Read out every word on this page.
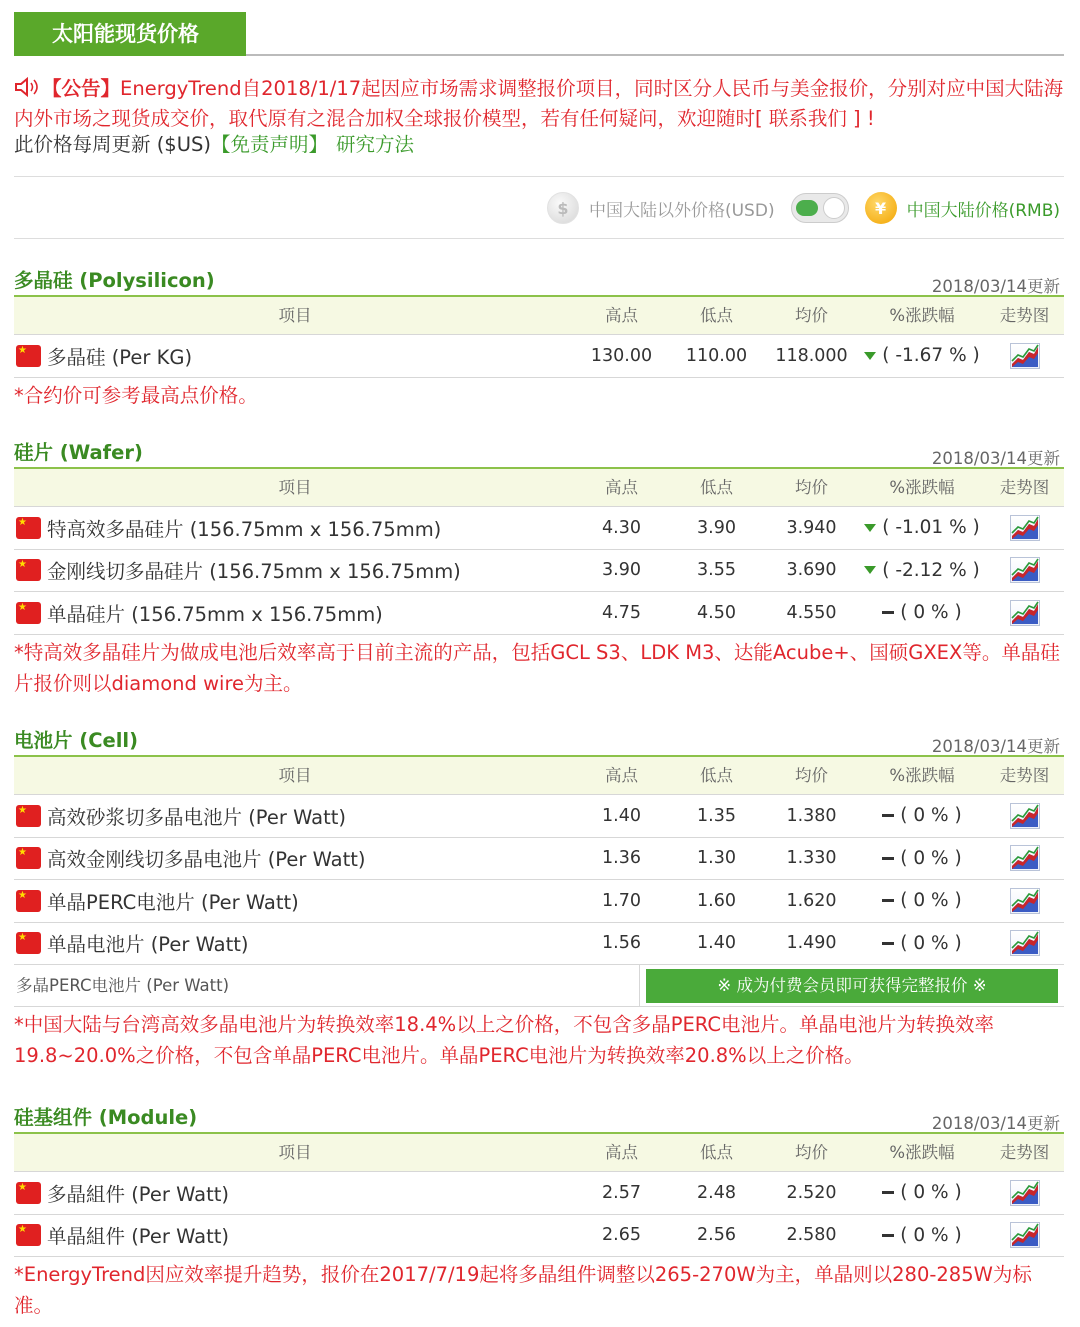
太阳能现货价格
【公告】EnergyTrend自2018/1/17起因应市场需求调整报价项目，同时区分人民币与美金报价，分别对应中国大陆海内外市场之现货成交价，取代原有之混合加权全球报价模型，若有任何疑问，欢迎随时[ 联系我们 ] !
此价格每周更新 ($US)【免责声明】 研究方法
$	中国大陆以外价格(USD)	¥	中国大陆价格(RMB)
多晶硅 (Polysilicon)	2018/03/14更新
项目	高点	低点	均价	%涨跌幅	走势图
★
多晶硅 (Per KG)	130.00	110.00	118.000	( -1.67 % )
*合约价可参考最高点价格。
硅片 (Wafer)	2018/03/14更新
项目	高点	低点	均价	%涨跌幅	走势图
★
特高效多晶硅片 (156.75mm x 156.75mm)	4.30	3.90	3.940	( -1.01 % )
★
金刚线切多晶硅片 (156.75mm x 156.75mm)	3.90	3.55	3.690	( -2.12 % )
★
单晶硅片 (156.75mm x 156.75mm)	4.75	4.50	4.550	( 0 % )
*特高效多晶硅片为做成电池后效率高于目前主流的产品，包括GCL S3、LDK M3、达能Acube+、国硕GXEX等。单晶硅片报价则以diamond wire为主。
电池片 (Cell)	2018/03/14更新
项目	高点	低点	均价	%涨跌幅	走势图
★
高效砂浆切多晶电池片 (Per Watt)	1.40	1.35	1.380	( 0 % )
★
高效金刚线切多晶电池片 (Per Watt)	1.36	1.30	1.330	( 0 % )
★
单晶PERC电池片 (Per Watt)	1.70	1.60	1.620	( 0 % )
★
单晶电池片 (Per Watt)	1.56	1.40	1.490	( 0 % )
多晶PERC电池片 (Per Watt)	※ 成为付费会员即可获得完整报价 ※
*中国大陆与台湾高效多晶电池片为转换效率18.4%以上之价格，不包含多晶PERC电池片。单晶电池片为转换效率19.8~20.0%之价格，不包含单晶PERC电池片。单晶PERC电池片为转换效率20.8%以上之价格。
硅基组件 (Module)	2018/03/14更新
项目	高点	低点	均价	%涨跌幅	走势图
★
多晶組件 (Per Watt)	2.57	2.48	2.520	( 0 % )
★
单晶組件 (Per Watt)	2.65	2.56	2.580	( 0 % )
*EnergyTrend因应效率提升趋势，报价在2017/7/19起将多晶组件调整以265-270W为主，单晶则以280-285W为标准。
